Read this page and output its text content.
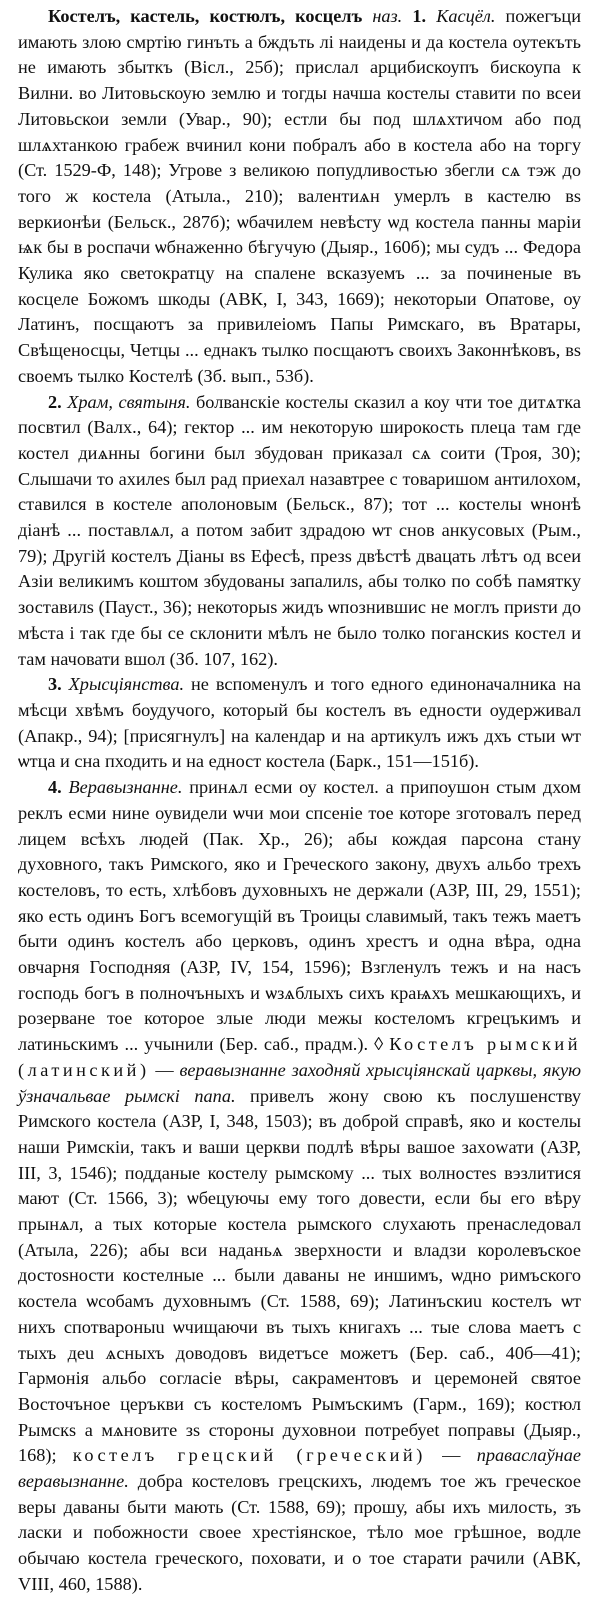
Костелъ, кастель, костюлъ, косцелъ наз. 1. Касцёл. пожегъци имають злою смртію гинъть а бждъть лі наидены и да костела оутекъть не имають збыткъ (Віcл., 25б); прислал арцибискоупъ бискоупа к Вилни. во Литовьскоую землю и тогды начша костелы ставити по всеи Литовьскои земли (Увар., 90); естли бы под шлѧхтичом або под шлѧхтанкою грабеж вчинил кони побралъ або в костела або на торгу (Ст. 1529-Ф, 148); Угрове з великою попудливостью збегли сѧ тэж до того ж костела (Атыла., 210); валентиѧн умерлъ в кастелю вs веркионѣи (Бельск., 287б); ѡбачилем невѣсту ѡд костела панны маріи ѩк бы в роспачи ѡбнаженно бѣгучую (Дыяр., 160б); мы судъ ... Федора Кулика яко светократцу на спалене всказуемъ ... за починеные въ косцеле Божомъ шкоды (АВК, І, 343, 1669); некоторыи Опатове, оу Латинъ, посщаютъ за привилеіомъ Папы Римскаго, въ Вратары, Свѣщеносцы, Четцы ... еднакъ тылко посщаютъ своихъ Законнѣковъ, вs своемъ тылко Костелѣ (Зб. вып., 53б).

2. Храм, святыня. болванскіе костелы сказил а коу чти тое дитѧтка посвтил (Валх., 64); гектор ... им некоторую широкость плеца там где костел диѧнны богини был збудован приказал сѧ соити (Троя, 30); Слышачи то ахилеs был рад приехал назавтрее с товаришом антилохом, ставился в костеле аполоновым (Бельск., 87); тот ... костелы ѡнонѣ діанѣ ... поставлѧл, а потом забит здрадою ѡт снов анкусовых (Рым., 79); Другій костелъ Діаны вs Ефесѣ, презs двѣстѣ двацать лѣтъ од всеи Азіи великимъ коштом збудованы запалилs, абы толко по собѣ памятку зоставилs (Пауст., 36); некоторыs жидъ ѡпознившис не моглъ приsти до мѣста і так где бы се склонити мѣлъ не было толко поганскиs костел и там начовати вшол (Зб. 107, 162).

3. Хрысціянства. не вспоменулъ и того едного единоначалника на мѣсци хвѣмъ боудучого, который бы костелъ въ едности оудерживал (Апакр., 94); [присягнулъ] на календар и на артикулъ ижъ дхъ стыи ѡт ѡтца и сна пходить и на едност костела (Барк., 151—151б).

4. Веравызнанне. принѧл есми оу костел. а припоушон стым дхом реклъ есми нине оувидели ѡчи мои спсеніе тое которе зготовалъ перед лицем всѣхъ людей (Пак. Хр., 26); абы кождая парсона стану духовного, такъ Римского, яко и Греческого закону, двухъ альбо трехъ костеловъ, то есть, хлѣбовъ духовныхъ не держали (АЗР, III, 29, 1551); яко есть одинъ Богъ всемогущій въ Троицы славимый, такъ тежъ маетъ быти одинъ костелъ або церковъ, одинъ хрестъ и одна вѣра, одна овчарня Господняя (АЗР, IV, 154, 1596); Взгленулъ тежъ и на насъ господь богъ в полночъныхъ и ѡзѧблыхъ сихъ краѩхъ мешкающихъ, и розерване тое которое злые люди межы костеломъ кгрецъкимъ и латиньскимъ ... учынили (Бер. саб., прадм.). ◊ Костелъ рымский (латинский) — веравызнанне заходняй хрысціянскай царквы, якую ўзначальвае рымскі папа. привелъ жону свою къ послушенству Римского костела (АЗР, I, 348, 1503); въ доброй справѣ, яко и костелы наши Римскіи, такъ и ваши церкви подлѣ вѣры вашое захowати (АЗР, III, 3, 1546); подданые костелу рымскому ... тых волностеs вэзлитися мают (Ст. 1566, 3); ѡбецуючы ему того довести, если бы его вѣру прынѧл, а тых которые костела рымского слухають пренаследовал (Атыла, 226); абы вси наданьѧ зверхности и владзи королевъское достоsности костелные ... были даваны не иншимъ, ѡдно римъского костела ѡсобамъ духовнымъ (Ст. 1588, 69); Латинъскиu костелъ ѡт нихъ спотвароныu ѡчищаючи въ тыхъ книгахъ ... тые слова маетъ c тыхъ деu ѧсныхъ доводовъ видетъсе можетъ (Бер. саб., 40б—41); Гармонія альбо согласіе вѣры, сакраментовъ и церемоней святое Восточъное церъкви съ костеломъ Рымъскимъ (Гарм., 169); костюл Рымскs а мѧновите зs стороны духовнои потребуеt поправы (Дыяр., 168); костелъ грецский (греческий) — праваслаўнае веравызнанне. добра костеловъ грецскихъ, людемъ тое жъ греческое веры даваны быти мають (Ст. 1588, 69); прошу, абы ихъ милость, зъ ласки и побожности своее хрестіянское, тѣло мое грѣшное, водле обычаю костела греческого, поховати, и о тое старати рачили (АВК, VIII, 460, 1588).
